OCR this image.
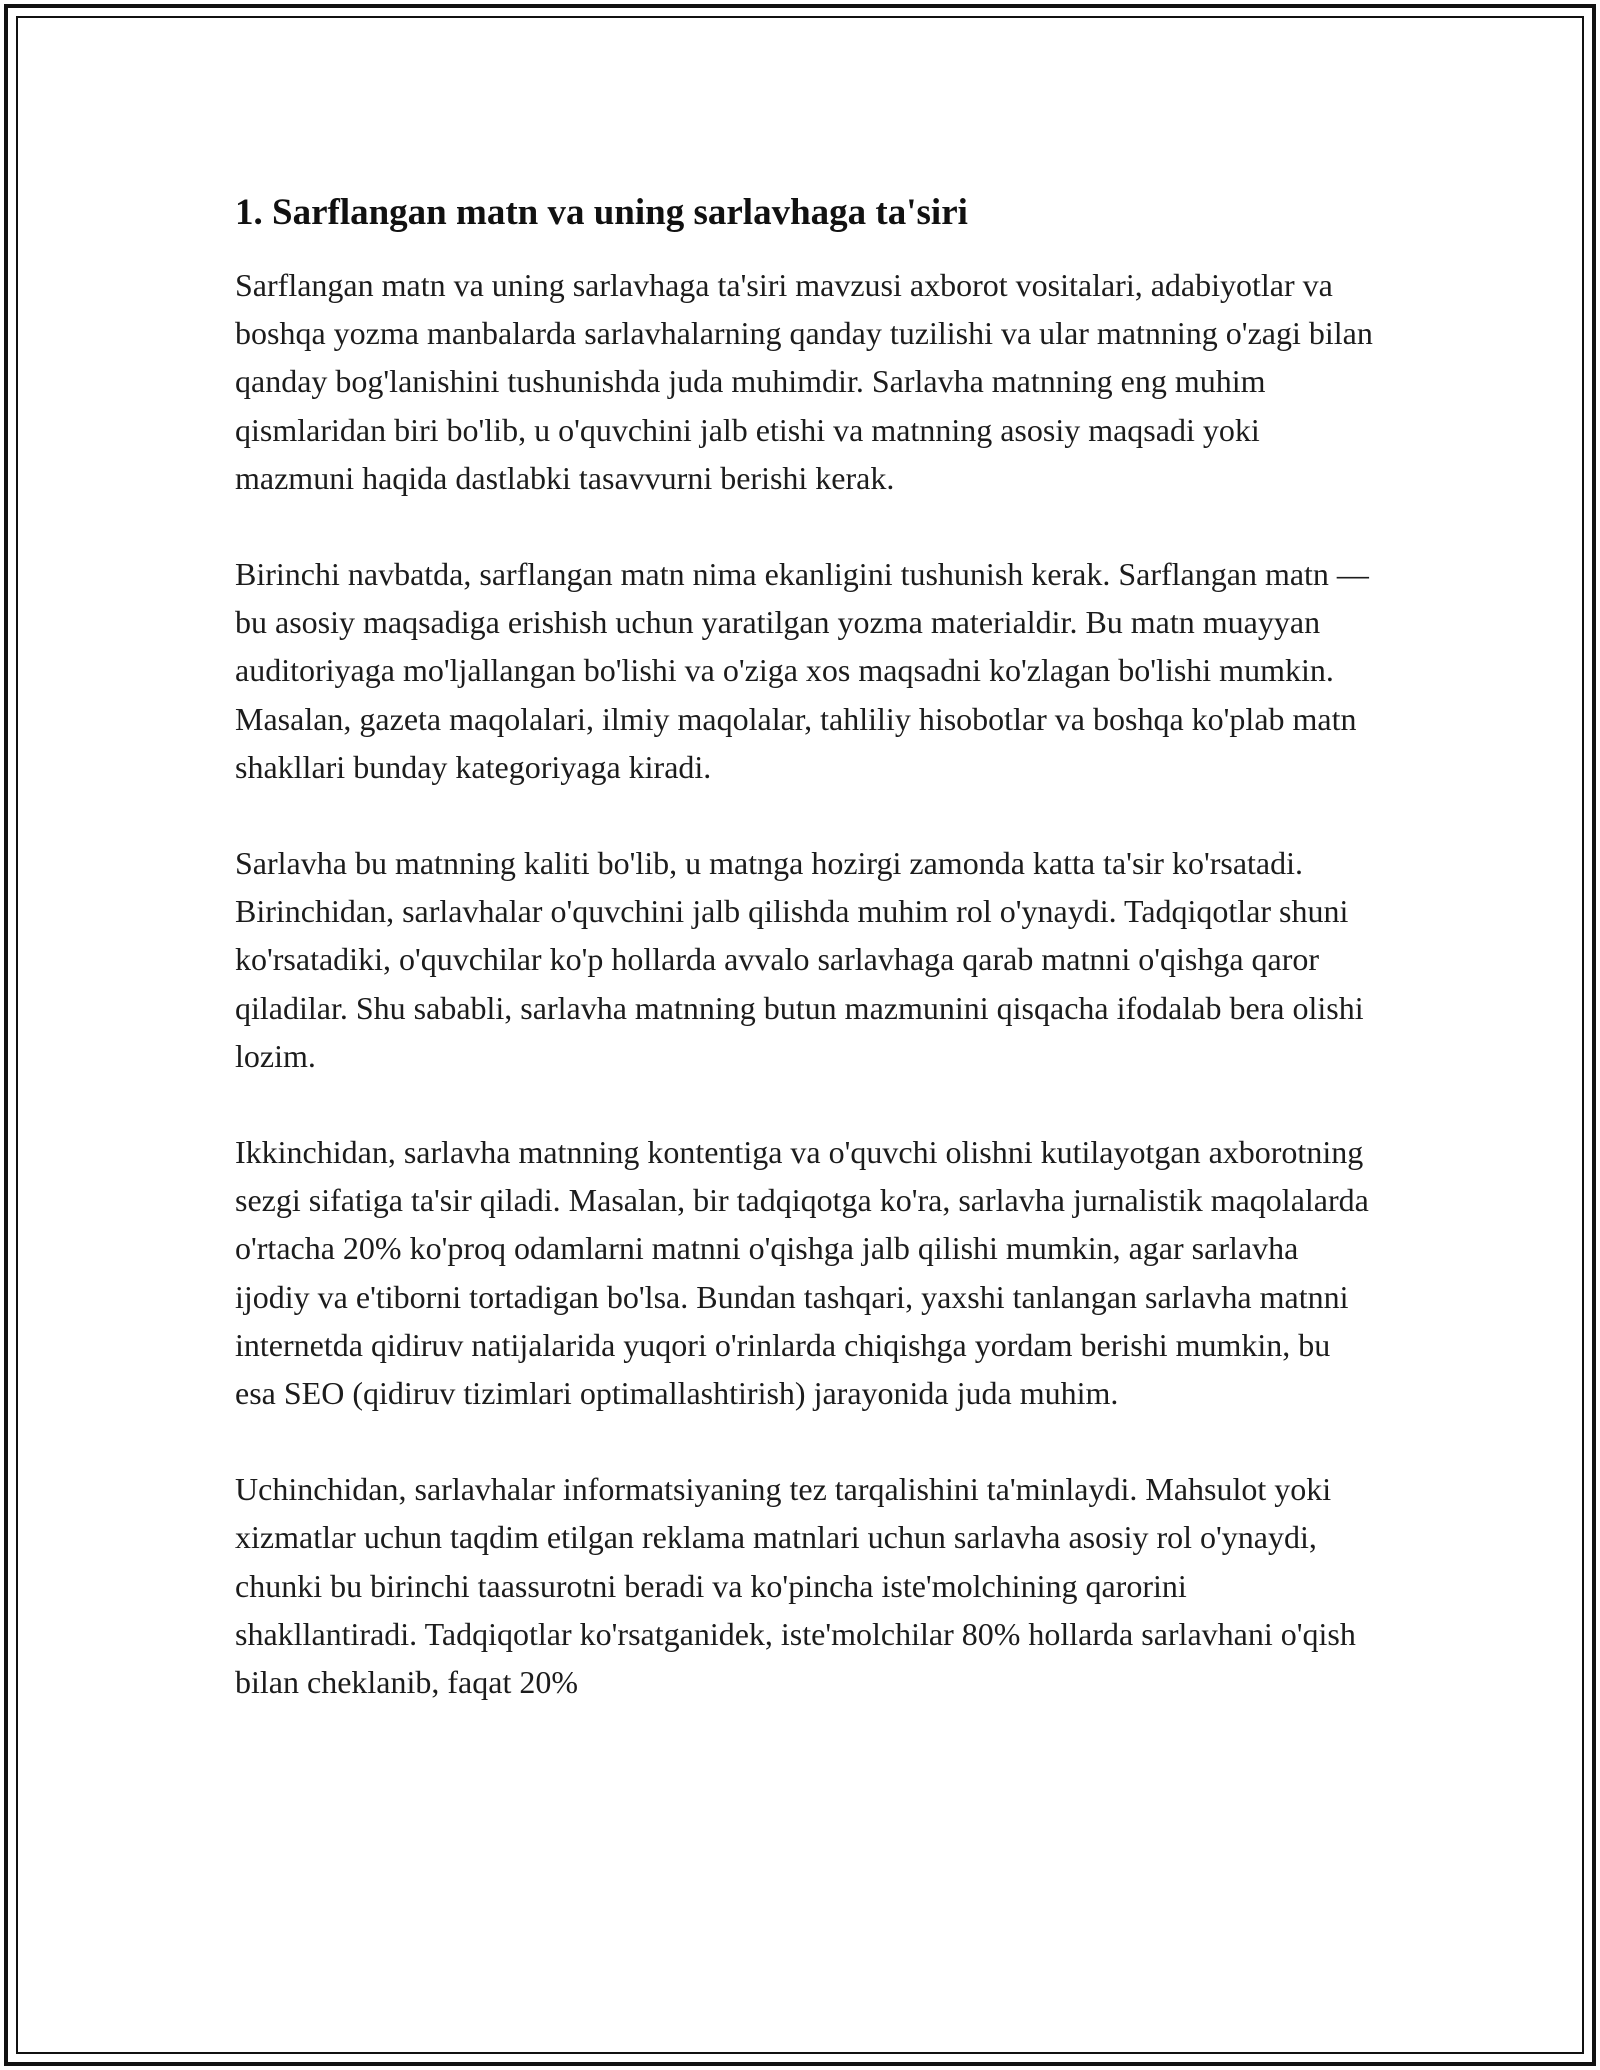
1. Sarflangan matn va uning sarlavhaga ta'siri

Sarflangan matn va uning sarlavhaga ta'siri mavzusi axborot vositalari, adabiyotlar va boshqa yozma manbalarda sarlavhalarning qanday tuzilishi va ular matnning o'zagi bilan qanday bog'lanishini tushunishda juda muhimdir. Sarlavha matnning eng muhim qismlaridan biri bo'lib, u o'quvchini jalb etishi va matnning asosiy maqsadi yoki mazmuni haqida dastlabki tasavvurni berishi kerak.

Birinchi navbatda, sarflangan matn nima ekanligini tushunish kerak. Sarflangan matn — bu asosiy maqsadiga erishish uchun yaratilgan yozma materialdir. Bu matn muayyan auditoriyaga mo'ljallangan bo'lishi va o'ziga xos maqsadni ko'zlagan bo'lishi mumkin. Masalan, gazeta maqolalari, ilmiy maqolalar, tahliliy hisobotlar va boshqa ko'plab matn shakllari bunday kategoriyaga kiradi.

Sarlavha bu matnning kaliti bo'lib, u matnga hozirgi zamonda katta ta'sir ko'rsatadi. Birinchidan, sarlavhalar o'quvchini jalb qilishda muhim rol o'ynaydi. Tadqiqotlar shuni ko'rsatadiki, o'quvchilar ko'p hollarda avvalo sarlavhaga qarab matnni o'qishga qaror qiladilar. Shu sababli, sarlavha matnning butun mazmunini qisqacha ifodalab bera olishi lozim.

Ikkinchidan, sarlavha matnning kontentiga va o'quvchi olishni kutilayotgan axborotning sezgi sifatiga ta'sir qiladi. Masalan, bir tadqiqotga ko'ra, sarlavha jurnalistik maqolalarda o'rtacha 20% ko'proq odamlarni matnni o'qishga jalb qilishi mumkin, agar sarlavha ijodiy va e'tiborni tortadigan bo'lsa. Bundan tashqari, yaxshi tanlangan sarlavha matnni internetda qidiruv natijalarida yuqori o'rinlarda chiqishga yordam berishi mumkin, bu esa SEO (qidiruv tizimlari optimallashtirish) jarayonida juda muhim.

Uchinchidan, sarlavhalar informatsiyaning tez tarqalishini ta'minlaydi. Mahsulot yoki xizmatlar uchun taqdim etilgan reklama matnlari uchun sarlavha asosiy rol o'ynaydi, chunki bu birinchi taassurotni beradi va ko'pincha iste'molchining qarorini shakllantiradi. Tadqiqotlar ko'rsatganidek, iste'molchilar 80% hollarda sarlavhani o'qish bilan cheklanib, faqat 20%
